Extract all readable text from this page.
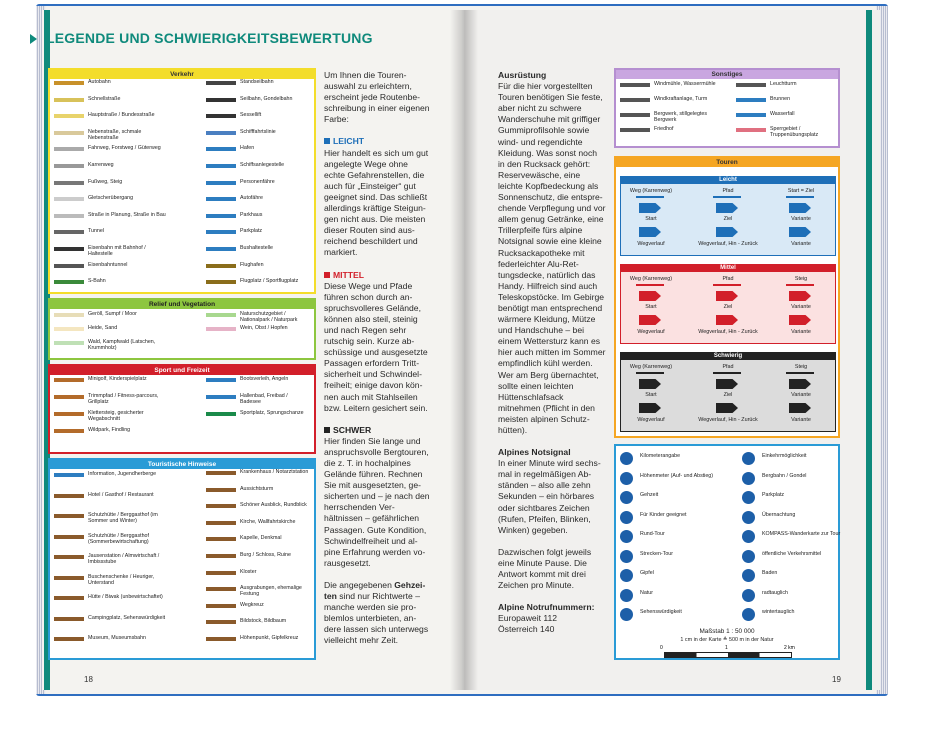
LEGENDE UND SCHWIERIGKEITSBEWERTUNG
Verkehr
Relief und Vegetation
Sport und Freizeit
Touristische Hinweise

Um Ihnen die Tourenauswahl zu erleichtern, erscheint jede Routenbeschreibung in einer eigenen Farbe:

LEICHT

Hier handelt es sich um gut angelegte Wege ohne echte Gefahrenstellen, die auch für „Einsteiger“ gut geeignet sind. Das schließt allerdings kräftige Steigungen nicht aus. Die meisten dieser Routen sind ausreichend beschildert und markiert.

MITTEL

Diese Wege und Pfade führen schon durch anspruchsvolleres Gelände, können also steil, steinig und nach Regen sehr rutschig sein. Kurze abschüssige und ausgesetzte Passagen erfordern Trittsicherheit und Schwindelfreiheit; einige davon können auch mit Stahlseilen bzw. Leitern gesichert sein.

SCHWER

Hier finden Sie lange und anspruchsvolle Bergtouren, die z. T. in hochalpines Gelände führen. Rechnen Sie mit ausgesetzten, gesicherten und – je nach den herrschenden Verhältnissen – gefährlichen Passagen. Gute Kondition, Schwindelfreiheit und alpine Erfahrung werden vorausgesetzt.

Die angegebenen Gehzeiten sind nur Richtwerte – manche werden sie problemlos unterbieten, andere lassen sich unterwegs vielleicht mehr Zeit.

18
Ausrüstung

Für die hier vorgestellten Touren benötigen Sie feste, aber nicht zu schwere Wanderschuhe mit griffiger Gummiprofilsohle sowie wind- und regendichte Kleidung. Was sonst noch in den Rucksack gehört: Reservewäsche, eine leichte Kopfbedeckung als Sonnenschutz, die entsprechende Verpflegung und vor allem genug Getränke, eine Trillerpfeife fürs alpine Notsignal sowie eine kleine Rucksackapotheke mit federleichter Alu-Rettungsdecke, natürlich das Handy. Hilfreich sind auch Teleskopstöcke. Im Gebirge benötigt man entsprechend wärmere Kleidung, Mütze und Handschuhe – bei einem Wettersturz kann es hier auch mitten im Sommer empfindlich kühl werden. Wer am Berg übernachtet, sollte einen leichten Hüttenschlafsack mitnehmen (Pflicht in den meisten alpinen Schutzhütten).

Alpines Notsignal

In einer Minute wird sechsmal in regelmäßigen Abständen – also alle zehn Sekunden – ein hörbares oder sichtbares Zeichen (Rufen, Pfeifen, Blinken, Winken) gegeben.

Dazwischen folgt jeweils eine Minute Pause. Die Antwort kommt mit drei Zeichen pro Minute.

Alpine Notrufnummern:
Europaweit 112
Österreich 140
Sonstiges
Touren
Maßstab 1 : 50 000
1 cm in der Karte ≙ 500 m in der Natur
0	1	2 km
19
Autobahn
Schnellstraße
Hauptstraße / Bundesstraße
Nebenstraße, schmale Nebenstraße
Fahrweg, Forstweg / Güterweg
Karrenweg
Fußweg, Steig
Gletscherübergang
Straße in Planung, Straße in Bau
Tunnel
Eisenbahn mit Bahnhof / Haltestelle
Eisenbahntunnel
S-Bahn
Standseilbahn
Seilbahn, Gondelbahn
Sessellift
Schifffahrtslinie
Hafen
Schiffsanlegestelle
Personenfähre
Autofähre
Parkhaus
Parkplatz
Bushaltestelle
Flughafen
Flugplatz / Sportflugplatz
Geröll, Sumpf / Moor
Heide, Sand
Wald, Kampfwald (Latschen, Krummholz)
Naturschutzgebiet / Nationalpark / Naturpark
Wein, Obst / Hopfen
Minigolf, Kinderspielplatz
Trimmpfad / Fitness-parcours, Grillplatz
Klettersteig, gesicherter Wegabschnitt
Wildpark, Findling
Bootsverleih, Angeln
Hallenbad, Freibad / Badesee
Sportplatz, Sprungschanze
Information, Jugendherberge
Hotel / Gasthof / Restaurant
Schutzhütte / Berggasthof (im Sommer und Winter)
Schutzhütte / Berggasthof (Sommerbewirtschaftung)
Jausenstation / Almwirtschaft / Imbissstube
Buschenschenke / Heuriger, Unterstand
Hütte / Biwak (unbewirtschaftet)
Campingplatz, Sehenswürdigkeit
Museum, Museumsbahn
Krankenhaus / Notarztstation
Aussichtsturm
Schöner Ausblick, Rundblick
Kirche, Wallfahrtskirche
Kapelle, Denkmal
Burg / Schloss, Ruine
Kloster
Ausgrabungen, ehemalige Festung
Wegkreuz
Bildstock, Bildbaum
Höhenpunkt, Gipfelkreuz
Windmühle, Wassermühle
Windkraftanlage, Turm
Bergwerk, stillgelegtes Bergwerk
Friedhof
Leuchtturm
Brunnen
Wasserfall
Sperrgebiet / Truppenübungsplatz
Leicht
Weg (Karrenweg)	Pfad	Start = Ziel
Start	Ziel	Variante
Wegverlauf	Wegverlauf, Hin - Zurück	Variante
Mittel
Weg (Karrenweg)	Pfad	Steig
Start	Ziel	Variante
Wegverlauf	Wegverlauf, Hin - Zurück	Variante
Schwierig
Weg (Karrenweg)	Pfad	Steig
Start	Ziel	Variante
Wegverlauf	Wegverlauf, Hin - Zurück	Variante
Kilometerangabe
Höhenmeter (Auf- und Abstieg)
Gehzeit
Für Kinder geeignet
Rund-Tour
Strecken-Tour
Gipfel
Natur
Sehenswürdigkeit
Einkehrmöglichkeit
Bergbahn / Gondel
Parkplatz
Übernachtung
KOMPASS-Wanderkarte zur Tour
öffentliche Verkehrsmittel
Baden
radtauglich
wintertauglich
